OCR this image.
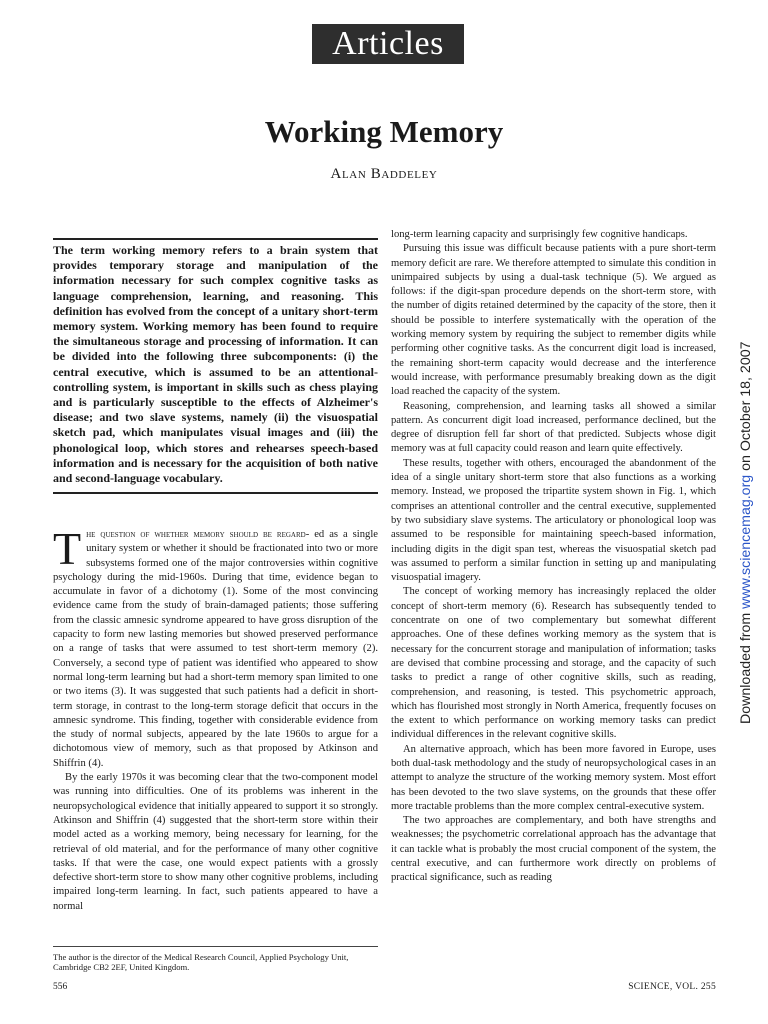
Articles
Working Memory
Alan Baddeley
The term working memory refers to a brain system that provides temporary storage and manipulation of the information necessary for such complex cognitive tasks as language comprehension, learning, and reasoning. This definition has evolved from the concept of a unitary short-term memory system. Working memory has been found to require the simultaneous storage and processing of information. It can be divided into the following three subcomponents: (i) the central executive, which is assumed to be an attentional-controlling system, is important in skills such as chess playing and is particularly susceptible to the effects of Alzheimer's disease; and two slave systems, namely (ii) the visuospatial sketch pad, which manipulates visual images and (iii) the phonological loop, which stores and rehearses speech-based information and is necessary for the acquisition of both native and second-language vocabulary.

The question of whether memory should be regard- ed as a single unitary system or whether it should be fractionated into two or more subsystems formed one of the major controversies within cognitive psychology during the mid-1960s. During that time, evidence began to accumulate in favor of a dichotomy (1). Some of the most convincing evidence came from the study of brain-damaged patients; those suffering from the classic amnesic syndrome appeared to have gross disruption of the capacity to form new lasting memories but showed preserved performance on a range of tasks that were assumed to test short-term memory (2). Conversely, a second type of patient was identified who appeared to show normal long-term learning but had a short-term memory span limited to one or two items (3). It was suggested that such patients had a deficit in short-term storage, in contrast to the long-term storage deficit that occurs in the amnesic syndrome. This finding, together with considerable evidence from the study of normal subjects, appeared by the late 1960s to argue for a dichotomous view of memory, such as that proposed by Atkinson and Shiffrin (4).

By the early 1970s it was becoming clear that the two-component model was running into difficulties. One of its problems was inherent in the neuropsychological evidence that initially appeared to support it so strongly. Atkinson and Shiffrin (4) suggested that the short-term store within their model acted as a working memory, being necessary for learning, for the retrieval of old material, and for the performance of many other cognitive tasks. If that were the case, one would expect patients with a grossly defective short-term store to show many other cognitive problems, including impaired long-term learning. In fact, such patients appeared to have a normal

long-term learning capacity and surprisingly few cognitive handicaps.

Pursuing this issue was difficult because patients with a pure short-term memory deficit are rare. We therefore attempted to simulate this condition in unimpaired subjects by using a dual-task technique (5). We argued as follows: if the digit-span procedure depends on the short-term store, with the number of digits retained determined by the capacity of the store, then it should be possible to interfere systematically with the operation of the working memory system by requiring the subject to remember digits while performing other cognitive tasks. As the concurrent digit load is increased, the remaining short-term capacity would decrease and the interference would increase, with performance presumably breaking down as the digit load reached the capacity of the system.

Reasoning, comprehension, and learning tasks all showed a similar pattern. As concurrent digit load increased, performance declined, but the degree of disruption fell far short of that predicted. Subjects whose digit memory was at full capacity could reason and learn quite effectively.

These results, together with others, encouraged the abandonment of the idea of a single unitary short-term store that also functions as a working memory. Instead, we proposed the tripartite system shown in Fig. 1, which comprises an attentional controller and the central executive, supplemented by two subsidiary slave systems. The articulatory or phonological loop was assumed to be responsible for maintaining speech-based information, including digits in the digit span test, whereas the visuospatial sketch pad was assumed to perform a similar function in setting up and manipulating visuospatial imagery.

The concept of working memory has increasingly replaced the older concept of short-term memory (6). Research has subsequently tended to concentrate on one of two complementary but somewhat different approaches. One of these defines working memory as the system that is necessary for the concurrent storage and manipulation of information; tasks are devised that combine processing and storage, and the capacity of such tasks to predict a range of other cognitive skills, such as reading, comprehension, and reasoning, is tested. This psychometric approach, which has flourished most strongly in North America, frequently focuses on the extent to which performance on working memory tasks can predict individual differences in the relevant cognitive skills.

An alternative approach, which has been more favored in Europe, uses both dual-task methodology and the study of neuropsychological cases in an attempt to analyze the structure of the working memory system. Most effort has been devoted to the two slave systems, on the grounds that these offer more tractable problems than the more complex central-executive system.

The two approaches are complementary, and both have strengths and weaknesses; the psychometric correlational approach has the advantage that it can tackle what is probably the most crucial component of the system, the central executive, and can furthermore work directly on problems of practical significance, such as reading

The author is the director of the Medical Research Council, Applied Psychology Unit, Cambridge CB2 2EF, United Kingdom.
556	SCIENCE, VOL. 255
Downloaded from www.sciencemag.org on October 18, 2007
